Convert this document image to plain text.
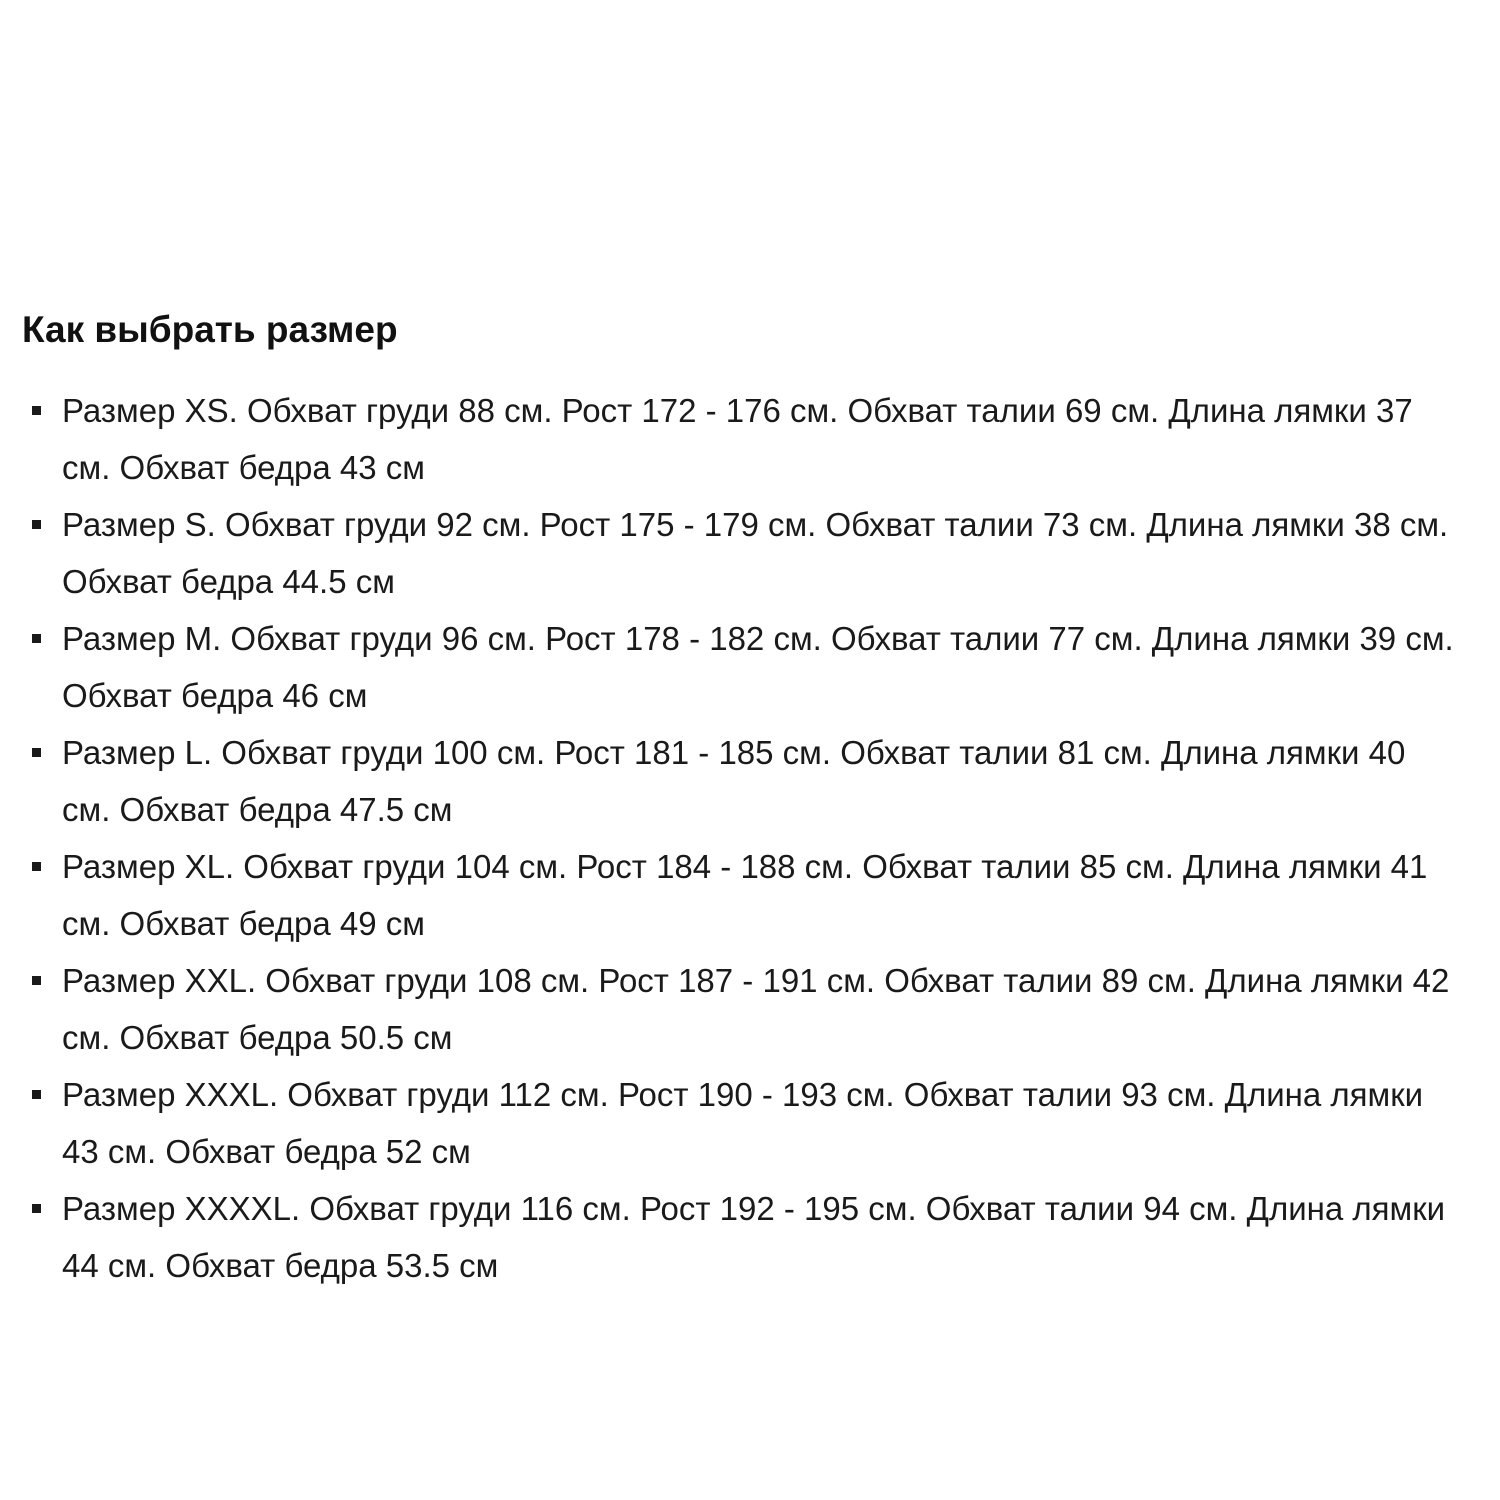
Как выбрать размер
Размер XS. Обхват груди 88 см. Рост 172 - 176 см. Обхват талии 69 см. Длина лямки 37 см. Обхват бедра 43 см
Размер S. Обхват груди 92 см. Рост 175 - 179 см. Обхват талии 73 см. Длина лямки 38 см. Обхват бедра 44.5 см
Размер M. Обхват груди 96 см. Рост 178 - 182 см. Обхват талии 77 см. Длина лямки 39 см. Обхват бедра 46 см
Размер L. Обхват груди 100 см. Рост 181 - 185 см. Обхват талии 81 см. Длина лямки 40 см. Обхват бедра 47.5 см
Размер XL. Обхват груди 104 см. Рост 184 - 188 см. Обхват талии 85 см. Длина лямки 41 см. Обхват бедра 49 см
Размер XXL. Обхват груди 108 см. Рост 187 - 191 см. Обхват талии 89 см. Длина лямки 42 см. Обхват бедра 50.5 см
Размер XXXL. Обхват груди 112 см. Рост 190 - 193 см. Обхват талии 93 см. Длина лямки 43 см. Обхват бедра 52 см
Размер XXXXL. Обхват груди 116 см. Рост 192 - 195 см. Обхват талии 94 см. Длина лямки 44 см. Обхват бедра 53.5 см
